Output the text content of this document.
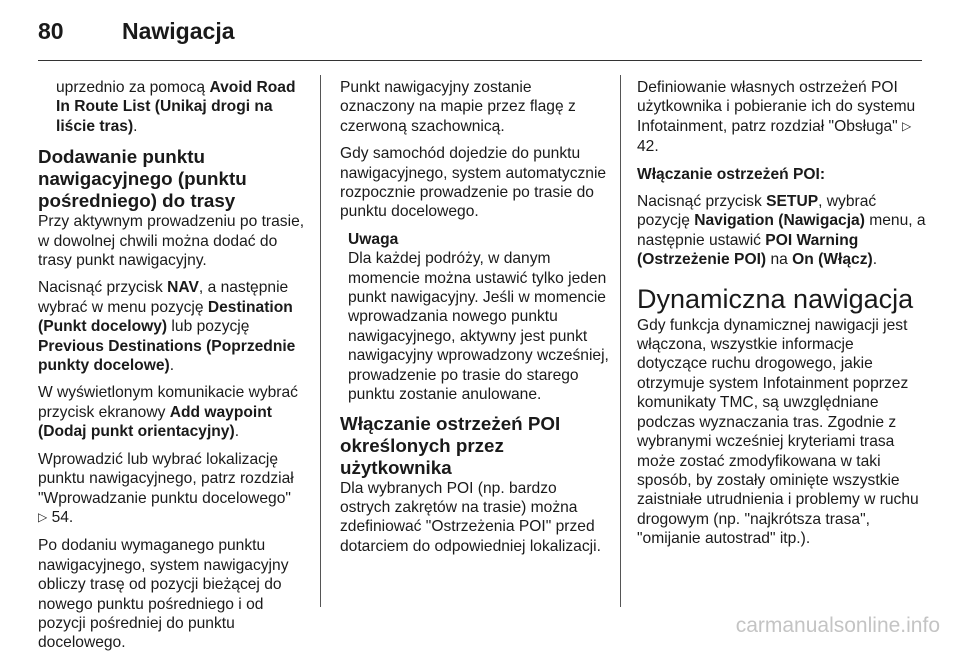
80	Nawigacja

uprzednio za pomocą Avoid Road In Route List (Unikaj drogi na liście tras).

Dodawanie punktu nawigacyjnego (punktu pośredniego) do trasy

Przy aktywnym prowadzeniu po trasie, w dowolnej chwili można dodać do trasy punkt nawigacyjny.

Nacisnąć przycisk NAV, a następnie wybrać w menu pozycję Destination (Punkt docelowy) lub pozycję Previous Destinations (Poprzednie punkty docelowe).

W wyświetlonym komunikacie wybrać przycisk ekranowy Add waypoint (Dodaj punkt orientacyjny).

Wprowadzić lub wybrać lokalizację punktu nawigacyjnego, patrz rozdział "Wprowadzanie punktu docelowego"
▷ 54.

Po dodaniu wymaganego punktu nawigacyjnego, system nawigacyjny obliczy trasę od pozycji bieżącej do nowego punktu pośredniego i od pozycji pośredniej do punktu docelowego.

Punkt nawigacyjny zostanie oznaczony na mapie przez flagę z czerwoną szachownicą.

Gdy samochód dojedzie do punktu nawigacyjnego, system automatycznie rozpocznie prowadzenie po trasie do punktu docelowego.

Uwaga

Dla każdej podróży, w danym momencie można ustawić tylko jeden punkt nawigacyjny. Jeśli w momencie wprowadzania nowego punktu nawigacyjnego, aktywny jest punkt nawigacyjny wprowadzony wcześniej, prowadzenie po trasie do starego punktu zostanie anulowane.

Włączanie ostrzeżeń POI określonych przez użytkownika

Dla wybranych POI (np. bardzo ostrych zakrętów na trasie) można zdefiniować "Ostrzeżenia POI" przed dotarciem do odpowiedniej lokalizacji.

Definiowanie własnych ostrzeżeń POI użytkownika i pobieranie ich do systemu Infotainment, patrz rozdział "Obsługa" ▷ 42.

Włączanie ostrzeżeń POI:

Nacisnąć przycisk SETUP, wybrać pozycję Navigation (Nawigacja) menu, a następnie ustawić POI Warning (Ostrzeżenie POI) na On (Włącz).

Dynamiczna nawigacja

Gdy funkcja dynamicznej nawigacji jest włączona, wszystkie informacje dotyczące ruchu drogowego, jakie otrzymuje system Infotainment poprzez komunikaty TMC, są uwzględniane podczas wyznaczania tras. Zgodnie z wybranymi wcześniej kryteriami trasa może zostać zmodyfikowana w taki sposób, by zostały ominięte wszystkie zaistniałe utrudnienia i problemy w ruchu drogowym (np. "najkrótsza trasa", "omijanie autostrad" itp.).

carmanualsonline.info
